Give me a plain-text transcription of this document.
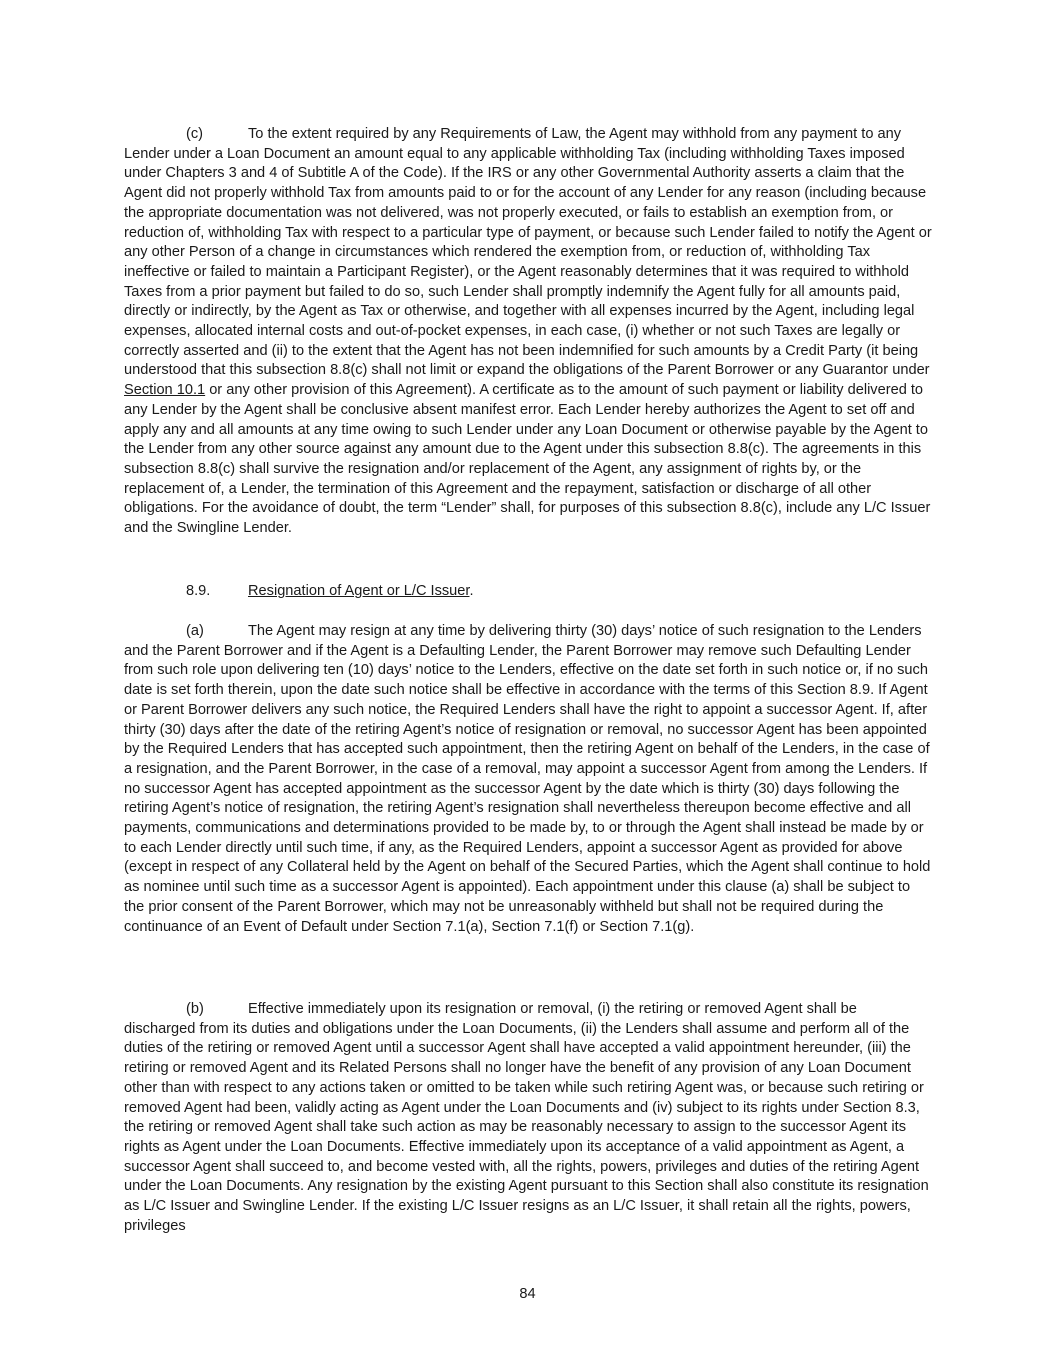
(c)	To the extent required by any Requirements of Law, the Agent may withhold from any payment to any Lender under a Loan Document an amount equal to any applicable withholding Tax (including withholding Taxes imposed under Chapters 3 and 4 of Subtitle A of the Code). If the IRS or any other Governmental Authority asserts a claim that the Agent did not properly withhold Tax from amounts paid to or for the account of any Lender for any reason (including because the appropriate documentation was not delivered, was not properly executed, or fails to establish an exemption from, or reduction of, withholding Tax with respect to a particular type of payment, or because such Lender failed to notify the Agent or any other Person of a change in circumstances which rendered the exemption from, or reduction of, withholding Tax ineffective or failed to maintain a Participant Register), or the Agent reasonably determines that it was required to withhold Taxes from a prior payment but failed to do so, such Lender shall promptly indemnify the Agent fully for all amounts paid, directly or indirectly, by the Agent as Tax or otherwise, and together with all expenses incurred by the Agent, including legal expenses, allocated internal costs and out-of-pocket expenses, in each case, (i) whether or not such Taxes are legally or correctly asserted and (ii) to the extent that the Agent has not been indemnified for such amounts by a Credit Party (it being understood that this subsection 8.8(c) shall not limit or expand the obligations of the Parent Borrower or any Guarantor under Section 10.1 or any other provision of this Agreement). A certificate as to the amount of such payment or liability delivered to any Lender by the Agent shall be conclusive absent manifest error. Each Lender hereby authorizes the Agent to set off and apply any and all amounts at any time owing to such Lender under any Loan Document or otherwise payable by the Agent to the Lender from any other source against any amount due to the Agent under this subsection 8.8(c). The agreements in this subsection 8.8(c) shall survive the resignation and/or replacement of the Agent, any assignment of rights by, or the replacement of, a Lender, the termination of this Agreement and the repayment, satisfaction or discharge of all other obligations. For the avoidance of doubt, the term “Lender” shall, for purposes of this subsection 8.8(c), include any L/C Issuer and the Swingline Lender.

8.9.	Resignation of Agent or L/C Issuer.

(a)	The Agent may resign at any time by delivering thirty (30) days’ notice of such resignation to the Lenders and the Parent Borrower and if the Agent is a Defaulting Lender, the Parent Borrower may remove such Defaulting Lender from such role upon delivering ten (10) days’ notice to the Lenders, effective on the date set forth in such notice or, if no such date is set forth therein, upon the date such notice shall be effective in accordance with the terms of this Section 8.9. If Agent or Parent Borrower delivers any such notice, the Required Lenders shall have the right to appoint a successor Agent. If, after thirty (30) days after the date of the retiring Agent’s notice of resignation or removal, no successor Agent has been appointed by the Required Lenders that has accepted such appointment, then the retiring Agent on behalf of the Lenders, in the case of a resignation, and the Parent Borrower, in the case of a removal, may appoint a successor Agent from among the Lenders. If no successor Agent has accepted appointment as the successor Agent by the date which is thirty (30) days following the retiring Agent’s notice of resignation, the retiring Agent’s resignation shall nevertheless thereupon become effective and all payments, communications and determinations provided to be made by, to or through the Agent shall instead be made by or to each Lender directly until such time, if any, as the Required Lenders, appoint a successor Agent as provided for above (except in respect of any Collateral held by the Agent on behalf of the Secured Parties, which the Agent shall continue to hold as nominee until such time as a successor Agent is appointed). Each appointment under this clause (a) shall be subject to the prior consent of the Parent Borrower, which may not be unreasonably withheld but shall not be required during the continuance of an Event of Default under Section 7.1(a), Section 7.1(f) or Section 7.1(g).

(b)	Effective immediately upon its resignation or removal, (i) the retiring or removed Agent shall be discharged from its duties and obligations under the Loan Documents, (ii) the Lenders shall assume and perform all of the duties of the retiring or removed Agent until a successor Agent shall have accepted a valid appointment hereunder, (iii) the retiring or removed Agent and its Related Persons shall no longer have the benefit of any provision of any Loan Document other than with respect to any actions taken or omitted to be taken while such retiring Agent was, or because such retiring or removed Agent had been, validly acting as Agent under the Loan Documents and (iv) subject to its rights under Section 8.3, the retiring or removed Agent shall take such action as may be reasonably necessary to assign to the successor Agent its rights as Agent under the Loan Documents. Effective immediately upon its acceptance of a valid appointment as Agent, a successor Agent shall succeed to, and become vested with, all the rights, powers, privileges and duties of the retiring Agent under the Loan Documents. Any resignation by the existing Agent pursuant to this Section shall also constitute its resignation as L/C Issuer and Swingline Lender. If the existing L/C Issuer resigns as an L/C Issuer, it shall retain all the rights, powers, privileges

84
